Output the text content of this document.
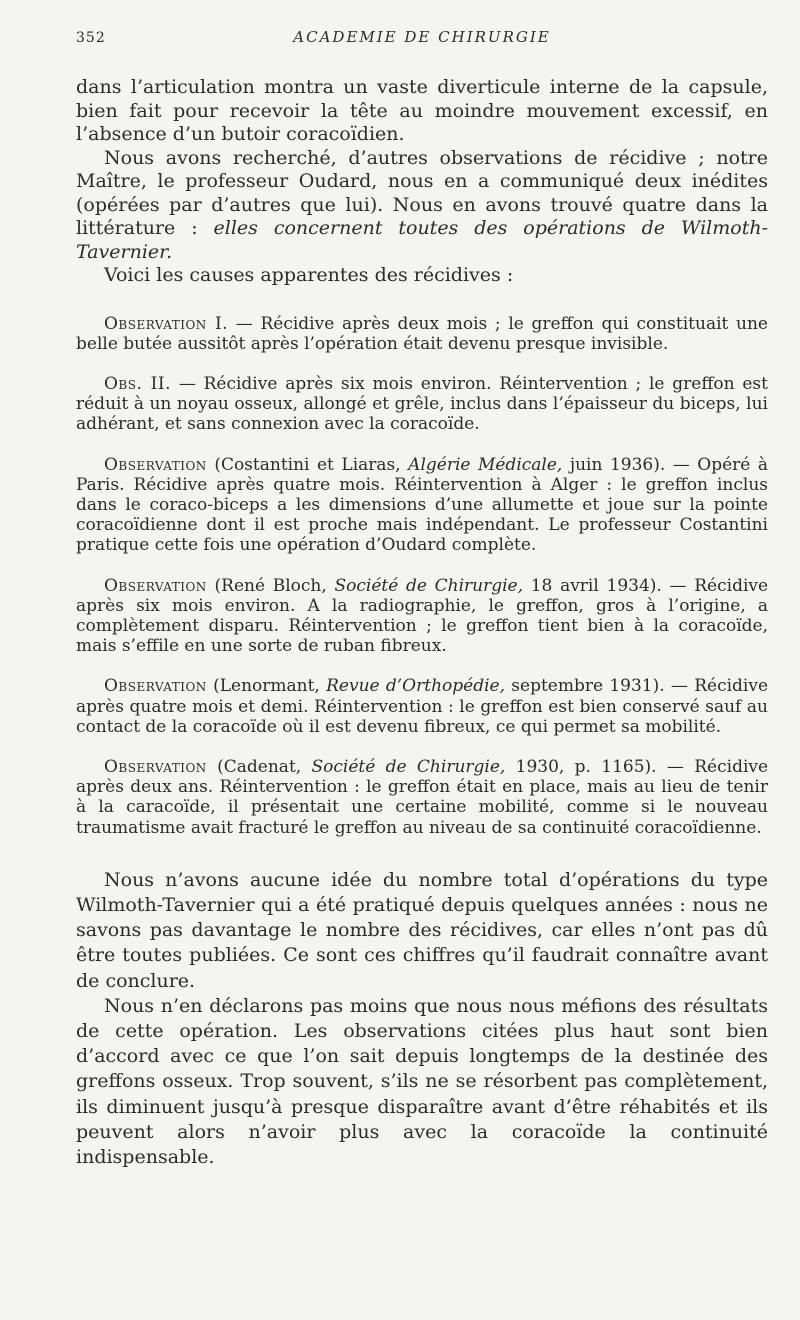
352	ACADEMIE DE CHIRURGIE

dans l’articulation montra un vaste diverticule interne de la capsule, bien fait pour recevoir la tête au moindre mouvement excessif, en l’absence d’un butoir coracoïdien.

Nous avons recherché, d’autres observations de récidive ; notre Maître, le professeur Oudard, nous en a communiqué deux inédites (opérées par d’autres que lui). Nous en avons trouvé quatre dans la littérature : elles concernent toutes des opérations de Wilmoth-Tavernier.

Voici les causes apparentes des récidives :

Observation I. — Récidive après deux mois ; le greffon qui constituait une belle butée aussitôt après l’opération était devenu presque invisible.

Obs. II. — Récidive après six mois environ. Réintervention ; le greffon est réduit à un noyau osseux, allongé et grêle, inclus dans l’épaisseur du biceps, lui adhérant, et sans connexion avec la coracoïde.

Observation (Costantini et Liaras, Algérie Médicale, juin 1936). — Opéré à Paris. Récidive après quatre mois. Réintervention à Alger : le greffon inclus dans le coraco-biceps a les dimensions d’une allumette et joue sur la pointe coracoïdienne dont il est proche mais indépendant. Le professeur Costantini pratique cette fois une opération d’Oudard complète.

Observation (René Bloch, Société de Chirurgie, 18 avril 1934). — Récidive après six mois environ. A la radiographie, le greffon, gros à l’origine, a complètement disparu. Réintervention ; le greffon tient bien à la coracoïde, mais s’effile en une sorte de ruban fibreux.

Observation (Lenormant, Revue d’Orthopédie, septembre 1931). — Récidive après quatre mois et demi. Réintervention : le greffon est bien conservé sauf au contact de la coracoïde où il est devenu fibreux, ce qui permet sa mobilité.

Observation (Cadenat, Société de Chirurgie, 1930, p. 1165). — Récidive après deux ans. Réintervention : le greffon était en place, mais au lieu de tenir à la caracoïde, il présentait une certaine mobilité, comme si le nouveau traumatisme avait fracturé le greffon au niveau de sa continuité coracoïdienne.

Nous n’avons aucune idée du nombre total d’opérations du type Wilmoth-Tavernier qui a été pratiqué depuis quelques années : nous ne savons pas davantage le nombre des récidives, car elles n’ont pas dû être toutes publiées. Ce sont ces chiffres qu’il faudrait connaître avant de conclure.

Nous n’en déclarons pas moins que nous nous méfions des résultats de cette opération. Les observations citées plus haut sont bien d’accord avec ce que l’on sait depuis longtemps de la destinée des greffons osseux. Trop souvent, s’ils ne se résorbent pas complètement, ils diminuent jusqu’à presque disparaître avant d’être réhabités et ils peuvent alors n’avoir plus avec la coracoïde la continuité indispensable.
